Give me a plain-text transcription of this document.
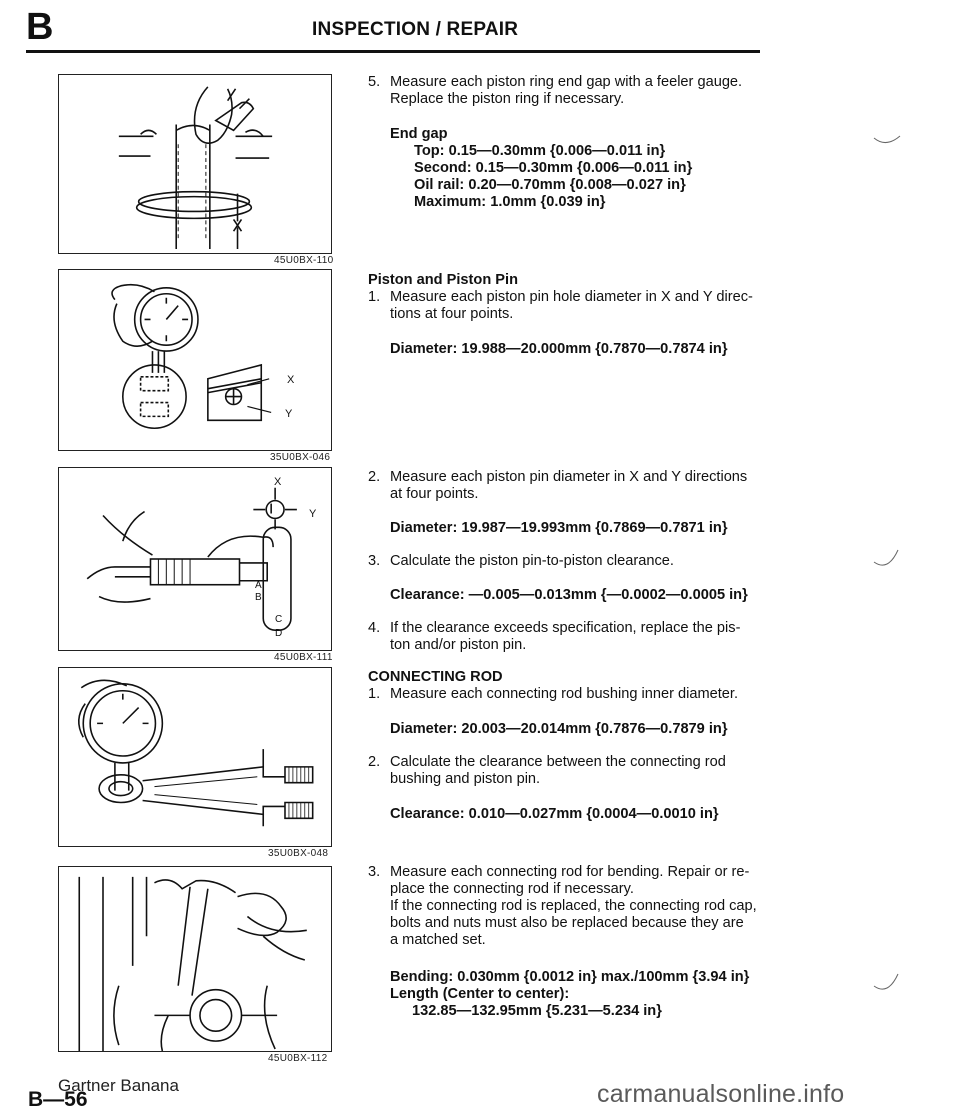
B	INSPECTION / REPAIR
45U0BX-110
X
Y
35U0BX-046
X
Y
A
B
C
D
45U0BX-111
35U0BX-048
45U0BX-112
5. Measure each piston ring end gap with a feeler gauge.
Replace the piston ring if necessary.
End gap
Top: 0.15—0.30mm {0.006—0.011 in}
Second: 0.15—0.30mm {0.006—0.011 in}
Oil rail: 0.20—0.70mm {0.008—0.027 in}
Maximum: 1.0mm {0.039 in}
Piston and Piston Pin
1. Measure each piston pin hole diameter in X and Y direc-
tions at four points.
Diameter: 19.988—20.000mm {0.7870—0.7874 in}
2. Measure each piston pin diameter in X and Y directions
at four points.
Diameter: 19.987—19.993mm {0.7869—0.7871 in}
3. Calculate the piston pin-to-piston clearance.
Clearance: —0.005—0.013mm {—0.0002—0.0005 in}
4. If the clearance exceeds specification, replace the pis-
ton and/or piston pin.
CONNECTING ROD
1. Measure each connecting rod bushing inner diameter.
Diameter: 20.003—20.014mm {0.7876—0.7879 in}
2. Calculate the clearance between the connecting rod
bushing and piston pin.
Clearance: 0.010—0.027mm {0.0004—0.0010 in}
3. Measure each connecting rod for bending. Repair or re-
place the connecting rod if necessary.
If the connecting rod is replaced, the connecting rod cap,
bolts and nuts must also be replaced because they are
a matched set.
Bending: 0.030mm {0.0012 in} max./100mm {3.94 in}
Length (Center to center):
132.85—132.95mm {5.231—5.234 in}
Gartner Banana
B—56	carmanualsonline.info
